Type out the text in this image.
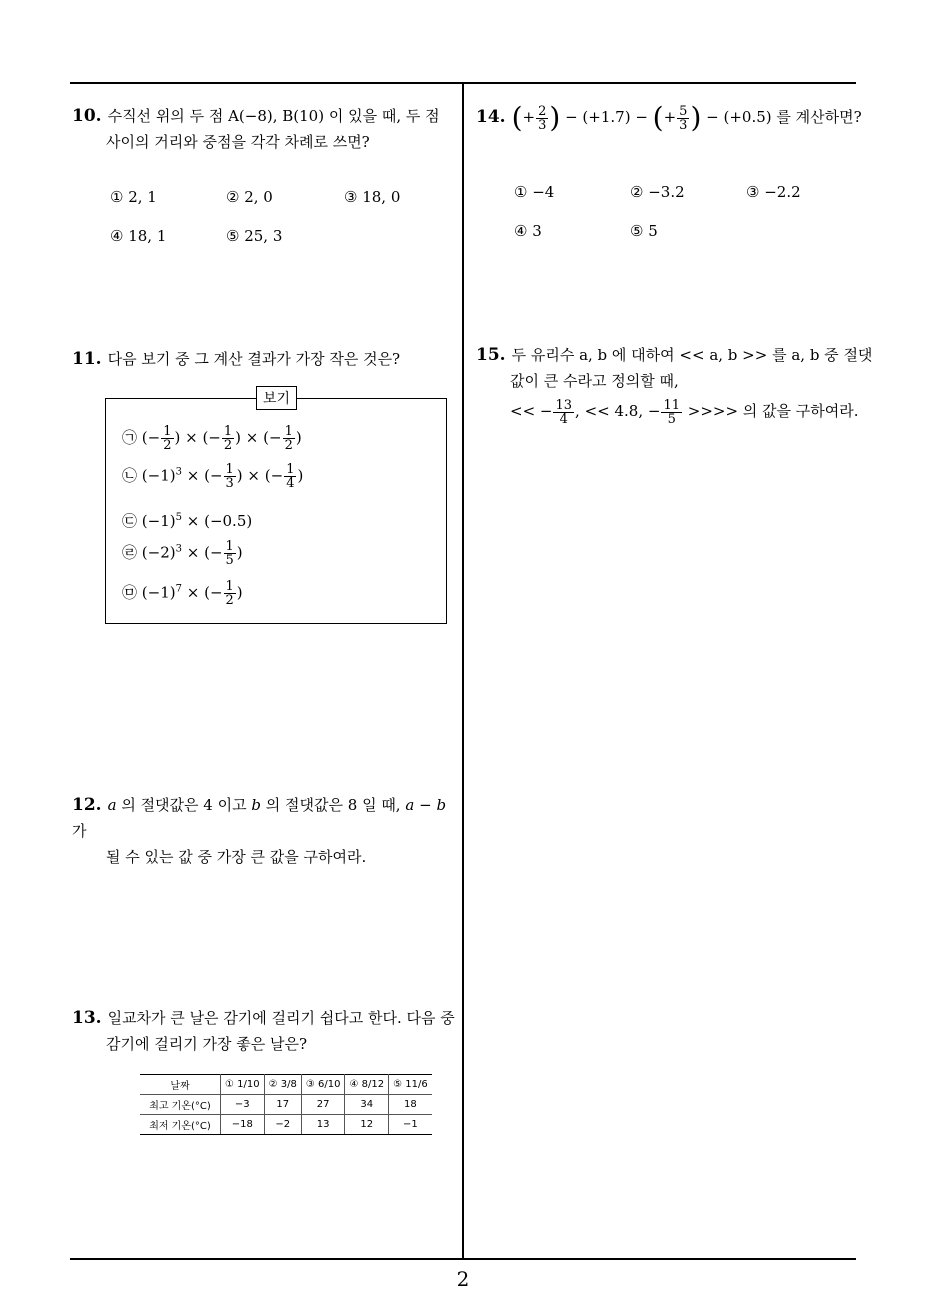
2
10. 수직선 위의 두 점 A(−8), B(10) 이 있을 때, 두 점
사이의 거리와 중점을 각각 차례로 쓰면?
① 2, 1	② 2, 0	③ 18, 0
④ 18, 1	⑤ 25, 3
11. 다음 보기 중 그 계산 결과가 가장 작은 것은?
보기
㉠ (− $\frac{1}{2}$ ) × (− $\frac{1}{2}$ ) × (− $\frac{1}{2}$ )
㉡ $(-1)^3$ × (− $\frac{1}{3}$ ) × (− $\frac{1}{4}$ )
㉢ $(-1)^5 \times (-0.5)$
㉣ $(-2)^3$ × (− $\frac{1}{5}$ )
㉤ $(-1)^7$ × (− $\frac{1}{2}$ )
12. a 의 절댓값은 4 이고 b 의 절댓값은 8 일 때, a − b 가
될 수 있는 값 중 가장 큰 값을 구하여라.
13. 일교차가 큰 날은 감기에 걸리기 쉽다고 한다. 다음 중
감기에 걸리기 가장 좋은 날은?
날짜	① 1/10	② 3/8	③ 6/10	④ 8/12	⑤ 11/6
최고 기온(°C)	−3	17	27	34	18
최저 기온(°C)	−18	−2	13	12	−1
14. (+ $\frac{2}{3}$ ) − (+1.7) − (+ $\frac{5}{3}$ ) − (+0.5) 를 계산하면?
① −4	② −3.2	③ −2.2
④ 3	⑤ 5
15. 두 유리수 a, b 에 대하여 << a, b >> 를 a, b 중 절댓
값이 큰 수라고 정의할 때,
<< − $\frac{13}{4}$ , << 4.8, − $\frac{11}{5}$ >>>> 의 값을 구하여라.
